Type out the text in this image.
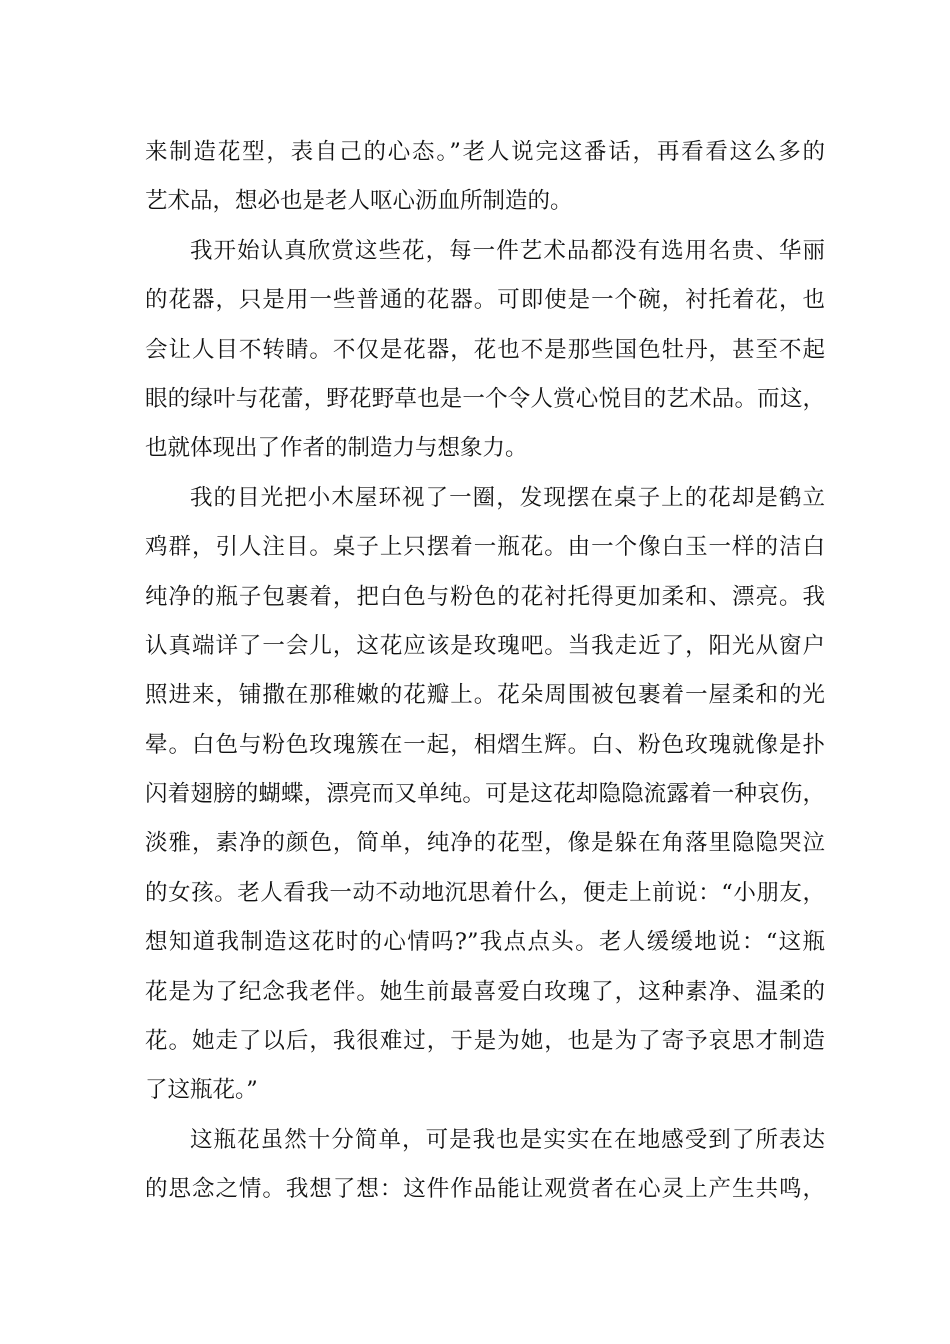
来制造花型，表自己的心态。”老人说完这番话，再看看这么多的
艺术品，想必也是老人呕心沥血所制造的。
我开始认真欣赏这些花，每一件艺术品都没有选用名贵、华丽
的花器，只是用一些普通的花器。可即使是一个碗，衬托着花，也
会让人目不转睛。不仅是花器，花也不是那些国色牡丹，甚至不起
眼的绿叶与花蕾，野花野草也是一个令人赏心悦目的艺术品。而这，
也就体现出了作者的制造力与想象力。
我的目光把小木屋环视了一圈，发现摆在桌子上的花却是鹤立
鸡群，引人注目。桌子上只摆着一瓶花。由一个像白玉一样的洁白
纯净的瓶子包裹着，把白色与粉色的花衬托得更加柔和、漂亮。我
认真端详了一会儿，这花应该是玫瑰吧。当我走近了，阳光从窗户
照进来，铺撒在那稚嫩的花瓣上。花朵周围被包裹着一屋柔和的光
晕。白色与粉色玫瑰簇在一起，相熠生辉。白、粉色玫瑰就像是扑
闪着翅膀的蝴蝶，漂亮而又单纯。可是这花却隐隐流露着一种哀伤，
淡雅，素净的颜色，简单，纯净的花型，像是躲在角落里隐隐哭泣
的女孩。老人看我一动不动地沉思着什么，便走上前说：“小朋友，
想知道我制造这花时的心情吗?”我点点头。老人缓缓地说：“这瓶
花是为了纪念我老伴。她生前最喜爱白玫瑰了，这种素净、温柔的
花。她走了以后，我很难过，于是为她，也是为了寄予哀思才制造
了这瓶花。”
这瓶花虽然十分简单，可是我也是实实在在地感受到了所表达
的思念之情。我想了想：这件作品能让观赏者在心灵上产生共鸣，
